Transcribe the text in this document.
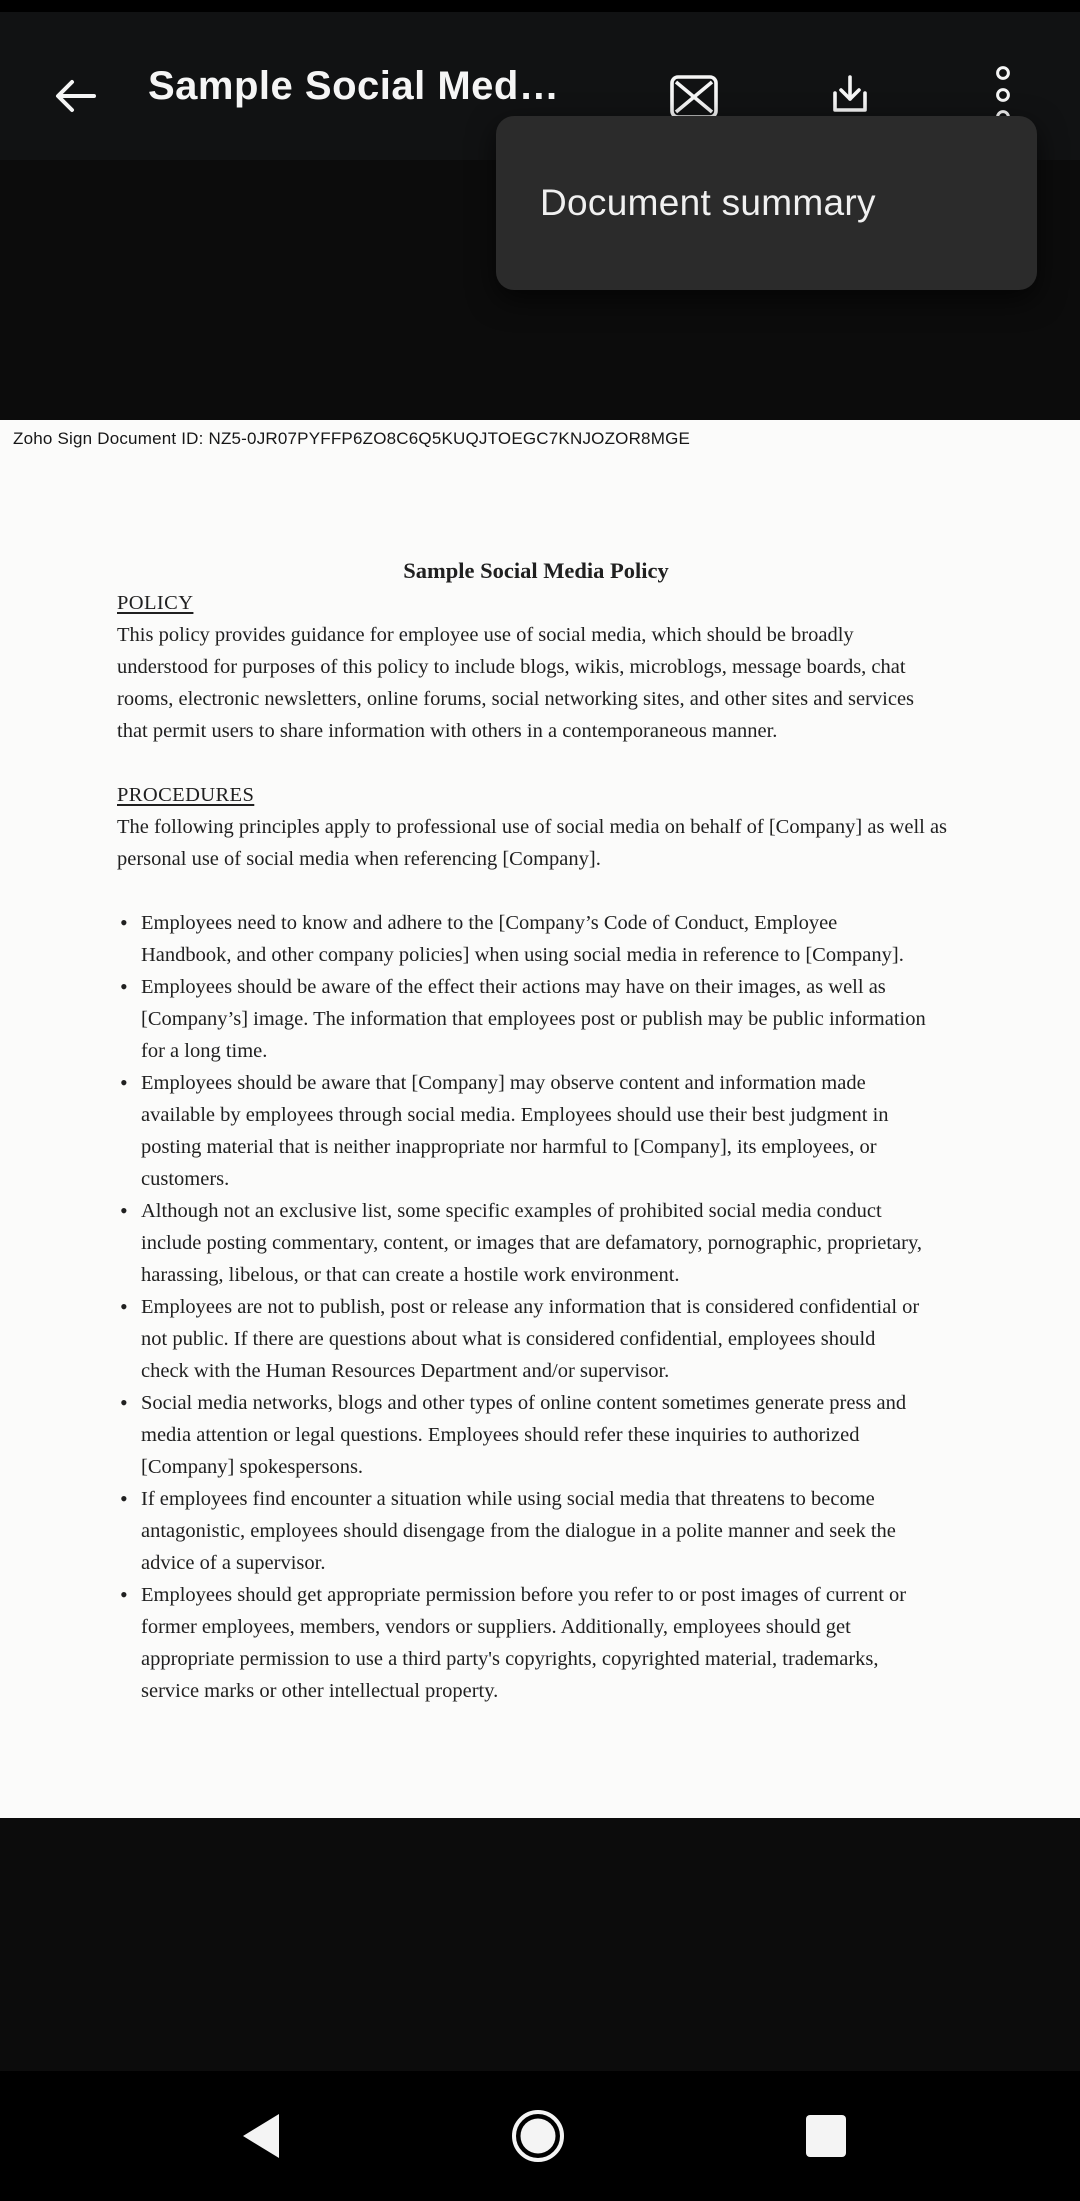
Sample Social Med…
Document summary
Zoho Sign Document ID: NZ5-0JR07PYFFP6ZO8C6Q5KUQJTOEGC7KNJOZOR8MGE
Sample Social Media Policy
POLICY
This policy provides guidance for employee use of social media, which should be broadly
understood for purposes of this policy to include blogs, wikis, microblogs, message boards, chat
rooms, electronic newsletters, online forums, social networking sites, and other sites and services
that permit users to share information with others in a contemporaneous manner.
PROCEDURES
The following principles apply to professional use of social media on behalf of [Company] as well as
personal use of social media when referencing [Company].
• Employees need to know and adhere to the [Company’s Code of Conduct, Employee
Handbook, and other company policies] when using social media in reference to [Company].
• Employees should be aware of the effect their actions may have on their images, as well as
[Company’s] image. The information that employees post or publish may be public information
for a long time.
• Employees should be aware that [Company] may observe content and information made
available by employees through social media. Employees should use their best judgment in
posting material that is neither inappropriate nor harmful to [Company], its employees, or
customers.
• Although not an exclusive list, some specific examples of prohibited social media conduct
include posting commentary, content, or images that are defamatory, pornographic, proprietary,
harassing, libelous, or that can create a hostile work environment.
• Employees are not to publish, post or release any information that is considered confidential or
not public. If there are questions about what is considered confidential, employees should
check with the Human Resources Department and/or supervisor.
• Social media networks, blogs and other types of online content sometimes generate press and
media attention or legal questions. Employees should refer these inquiries to authorized
[Company] spokespersons.
• If employees find encounter a situation while using social media that threatens to become
antagonistic, employees should disengage from the dialogue in a polite manner and seek the
advice of a supervisor.
• Employees should get appropriate permission before you refer to or post images of current or
former employees, members, vendors or suppliers. Additionally, employees should get
appropriate permission to use a third party's copyrights, copyrighted material, trademarks,
service marks or other intellectual property.
